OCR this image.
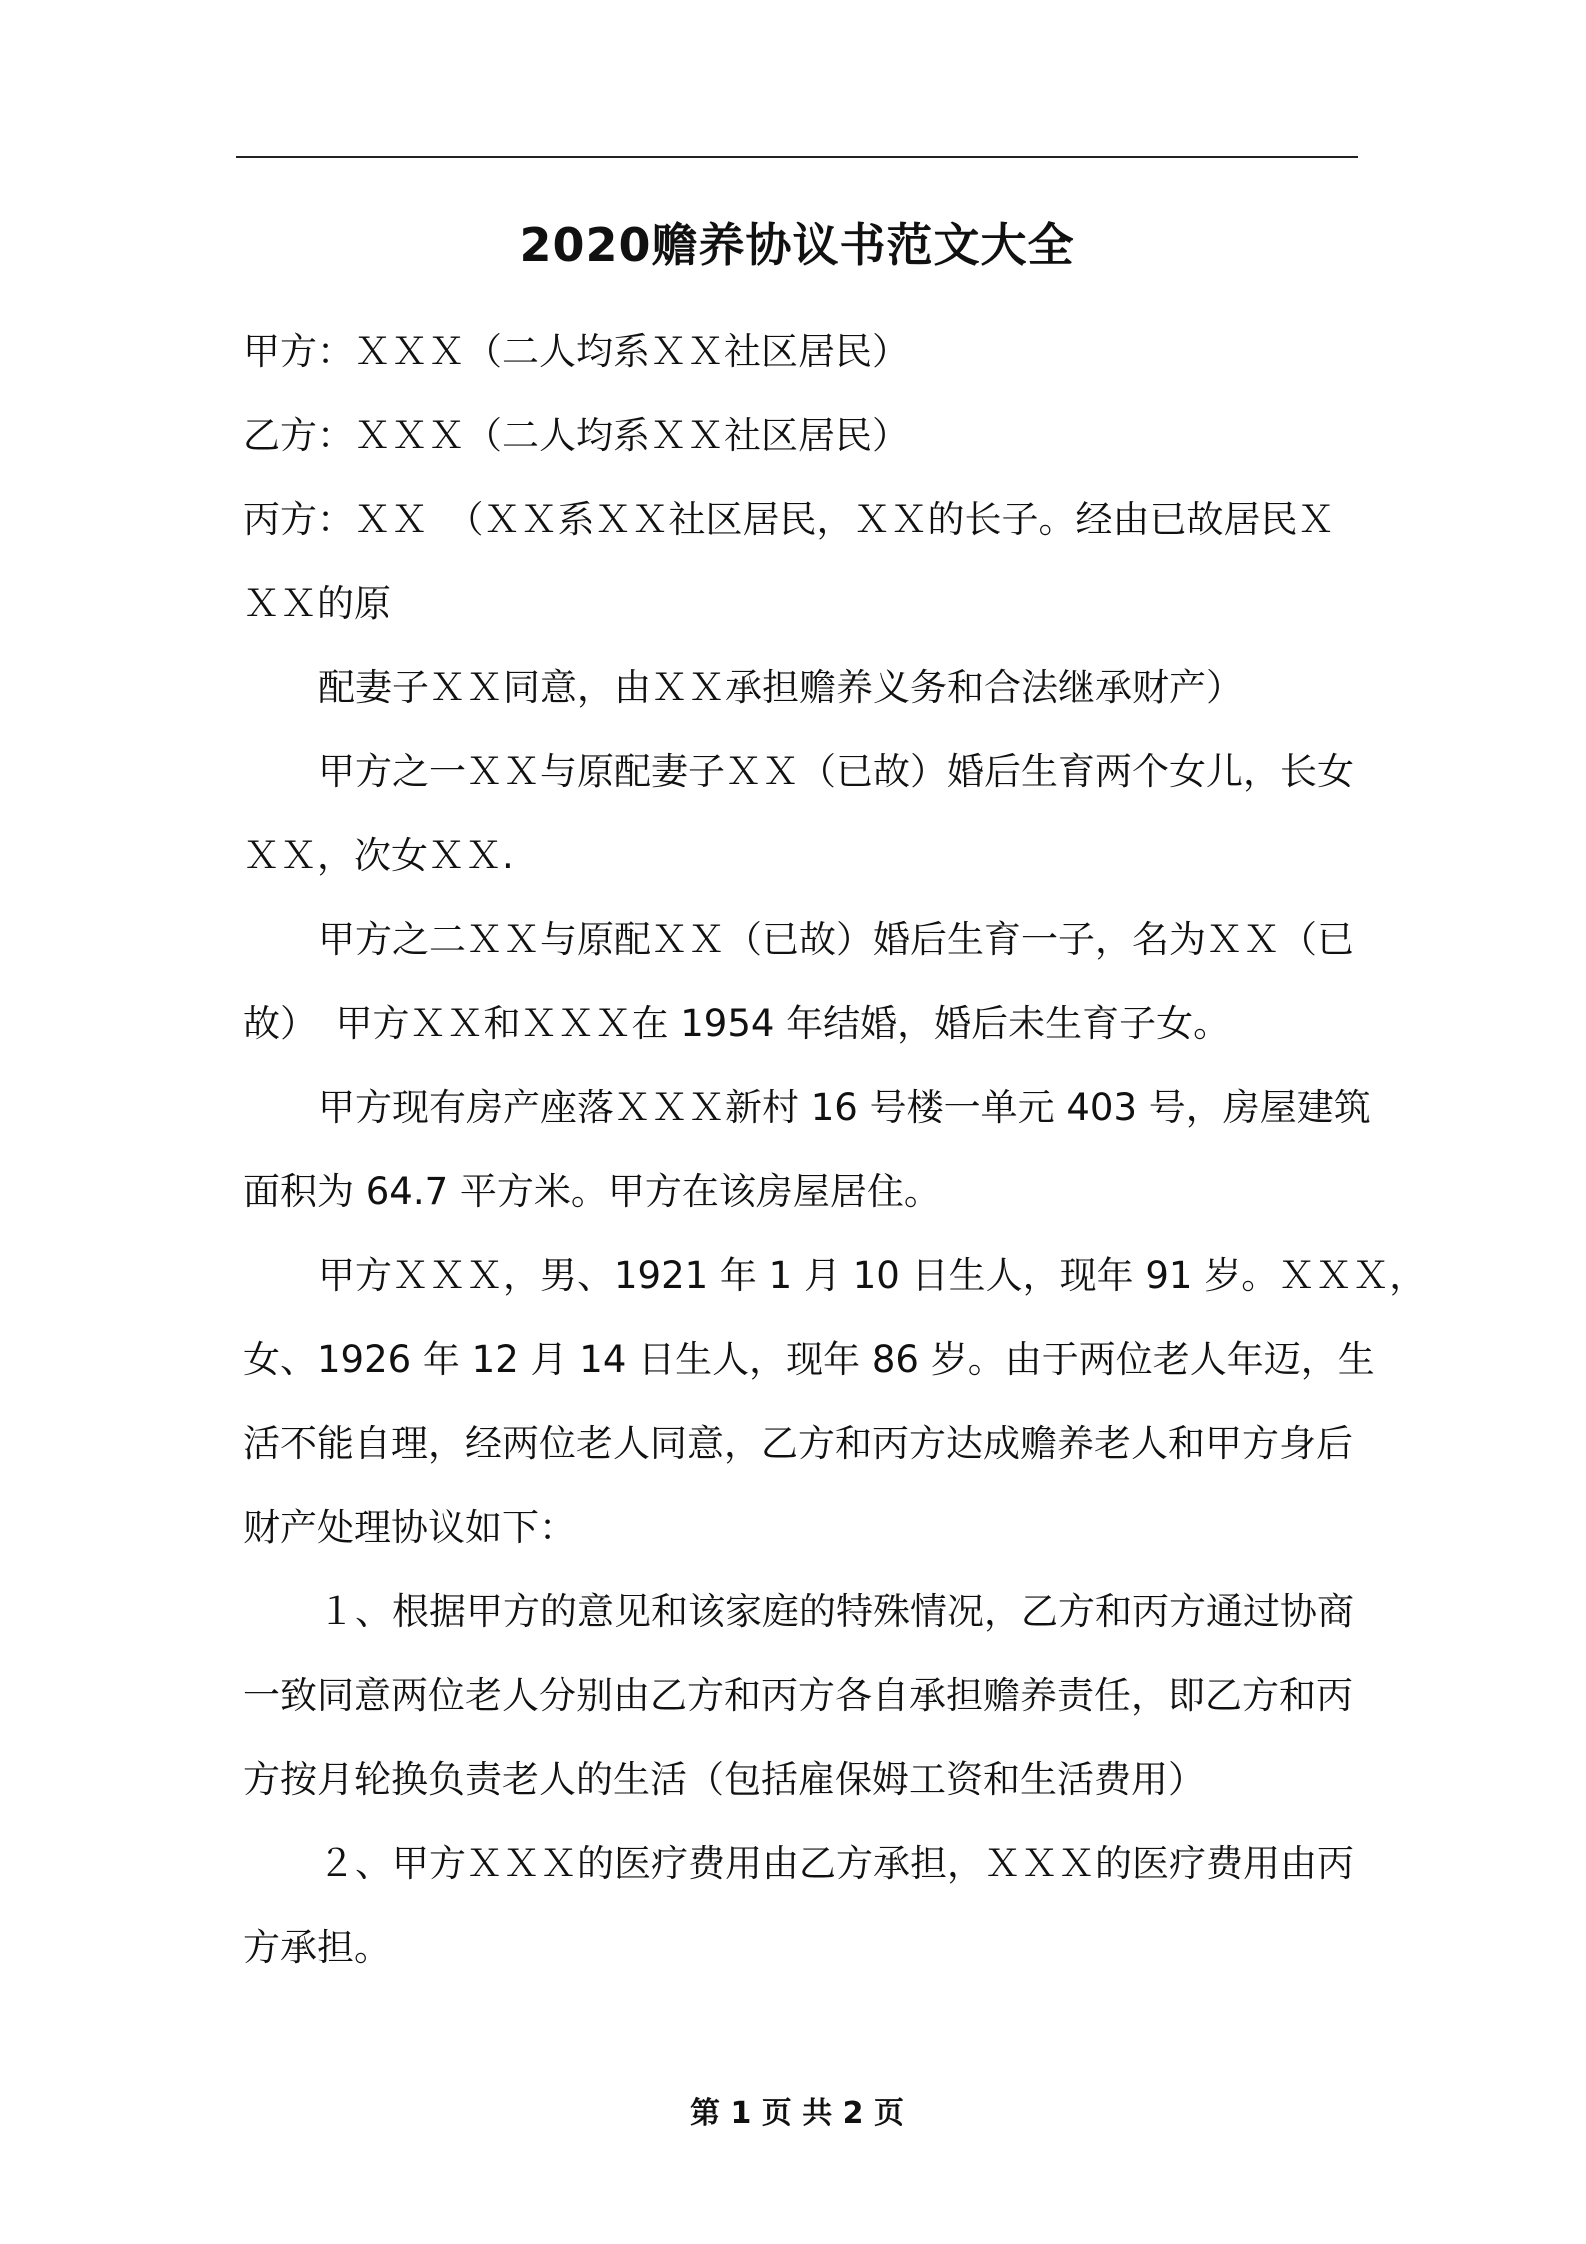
2020赡养协议书范文大全
甲方：ＸＸＸ（二人均系ＸＸ社区居民）
乙方：ＸＸＸ（二人均系ＸＸ社区居民）
丙方：ＸＸ　（ＸＸ系ＸＸ社区居民，ＸＸ的长子。经由已故居民Ｘ
ＸＸ的原
配妻子ＸＸ同意，由ＸＸ承担赡养义务和合法继承财产）
甲方之一ＸＸ与原配妻子ＸＸ（已故）婚后生育两个女儿，长女
ＸＸ，次女ＸＸ.
甲方之二ＸＸ与原配ＸＸ（已故）婚后生育一子，名为ＸＸ（已
故）　甲方ＸＸ和ＸＸＸ在 1954 年结婚，婚后未生育子女。
甲方现有房产座落ＸＸＸ新村 16 号楼一单元 403 号，房屋建筑
面积为 64.7 平方米。甲方在该房屋居住。
甲方ＸＸＸ，男、1921 年 1 月 10 日生人，现年 91 岁。ＸＸＸ，
女、1926 年 12 月 14 日生人，现年 86 岁。由于两位老人年迈，生
活不能自理，经两位老人同意，乙方和丙方达成赡养老人和甲方身后
财产处理协议如下：
１、根据甲方的意见和该家庭的特殊情况，乙方和丙方通过协商
一致同意两位老人分别由乙方和丙方各自承担赡养责任，即乙方和丙
方按月轮换负责老人的生活（包括雇保姆工资和生活费用）
２、甲方ＸＸＸ的医疗费用由乙方承担，ＸＸＸ的医疗费用由丙
方承担。
第 1 页 共 2 页
